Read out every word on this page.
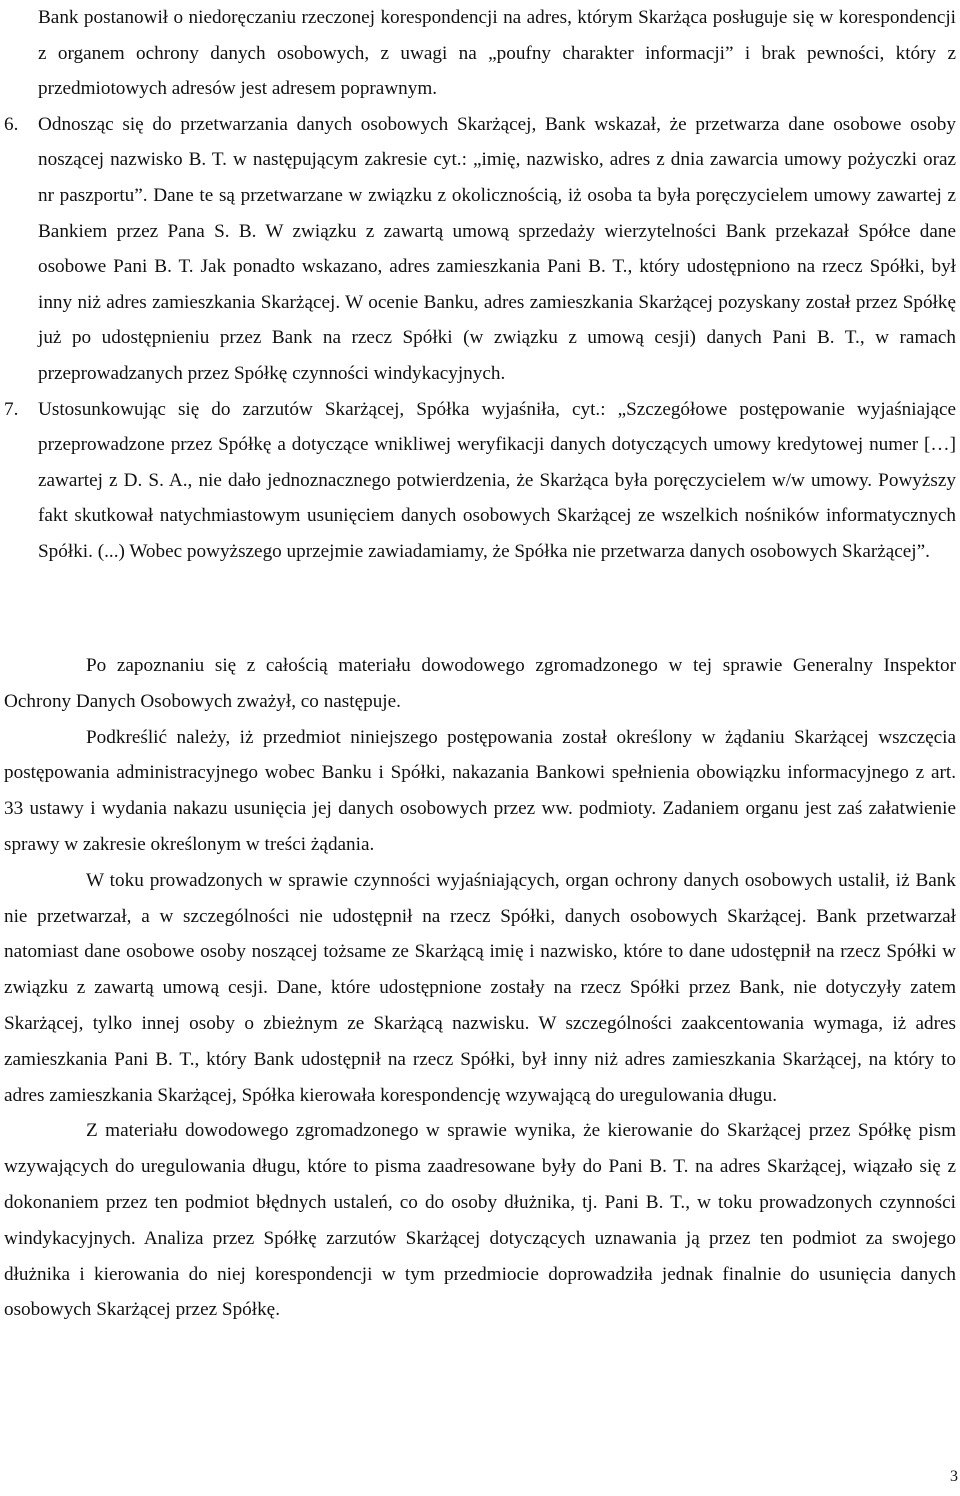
Bank postanowił o niedoręczaniu rzeczonej korespondencji na adres, którym Skarżąca posługuje się w korespondencji z organem ochrony danych osobowych, z uwagi na „poufny charakter informacji” i brak pewności, który z przedmiotowych adresów jest adresem poprawnym.
6. Odnosząc się do przetwarzania danych osobowych Skarżącej, Bank wskazał, że przetwarza dane osobowe osoby noszącej nazwisko B. T. w następującym zakresie cyt.: „imię, nazwisko, adres z dnia zawarcia umowy pożyczki oraz nr paszportu”. Dane te są przetwarzane w związku z okolicznością, iż osoba ta była poręczycielem umowy zawartej z Bankiem przez Pana S. B. W związku z zawartą umową sprzedaży wierzytelności Bank przekazał Spółce dane osobowe Pani B. T. Jak ponadto wskazano, adres zamieszkania Pani B. T., który udostępniono na rzecz Spółki, był inny niż adres zamieszkania Skarżącej. W ocenie Banku, adres zamieszkania Skarżącej pozyskany został przez Spółkę już po udostępnieniu przez Bank na rzecz Spółki (w związku z umową cesji) danych Pani B. T., w ramach przeprowadzanych przez Spółkę czynności windykacyjnych.
7. Ustosunkowując się do zarzutów Skarżącej, Spółka wyjaśniła, cyt.: „Szczegółowe postępowanie wyjaśniające przeprowadzone przez Spółkę a dotyczące wnikliwej weryfikacji danych dotyczących umowy kredytowej numer […] zawartej z D. S. A., nie dało jednoznacznego potwierdzenia, że Skarżąca była poręczycielem w/w umowy. Powyższy fakt skutkował natychmiastowym usunięciem danych osobowych Skarżącej ze wszelkich nośników informatycznych Spółki. (...) Wobec powyższego uprzejmie zawiadamiamy, że Spółka nie przetwarza danych osobowych Skarżącej”.

Po zapoznaniu się z całością materiału dowodowego zgromadzonego w tej sprawie Generalny Inspektor Ochrony Danych Osobowych zważył, co następuje.

Podkreślić należy, iż przedmiot niniejszego postępowania został określony w żądaniu Skarżącej wszczęcia postępowania administracyjnego wobec Banku i Spółki, nakazania Bankowi spełnienia obowiązku informacyjnego z art. 33 ustawy i wydania nakazu usunięcia jej danych osobowych przez ww. podmioty. Zadaniem organu jest zaś załatwienie sprawy w zakresie określonym w treści żądania.

W toku prowadzonych w sprawie czynności wyjaśniających, organ ochrony danych osobowych ustalił, iż Bank nie przetwarzał, a w szczególności nie udostępnił na rzecz Spółki, danych osobowych Skarżącej. Bank przetwarzał natomiast dane osobowe osoby noszącej tożsame ze Skarżącą imię i nazwisko, które to dane udostępnił na rzecz Spółki w związku z zawartą umową cesji. Dane, które udostępnione zostały na rzecz Spółki przez Bank, nie dotyczyły zatem Skarżącej, tylko innej osoby o zbieżnym ze Skarżącą nazwisku. W szczególności zaakcentowania wymaga, iż adres zamieszkania Pani B. T., który Bank udostępnił na rzecz Spółki, był inny niż adres zamieszkania Skarżącej, na który to adres zamieszkania Skarżącej, Spółka kierowała korespondencję wzywającą do uregulowania długu.

Z materiału dowodowego zgromadzonego w sprawie wynika, że kierowanie do Skarżącej przez Spółkę pism wzywających do uregulowania długu, które to pisma zaadresowane były do Pani B. T. na adres Skarżącej, wiązało się z dokonaniem przez ten podmiot błędnych ustaleń, co do osoby dłużnika, tj. Pani B. T., w toku prowadzonych czynności windykacyjnych. Analiza przez Spółkę zarzutów Skarżącej dotyczących uznawania ją przez ten podmiot za swojego dłużnika i kierowania do niej korespondencji w tym przedmiocie doprowadziła jednak finalnie do usunięcia danych osobowych Skarżącej przez Spółkę.

3
